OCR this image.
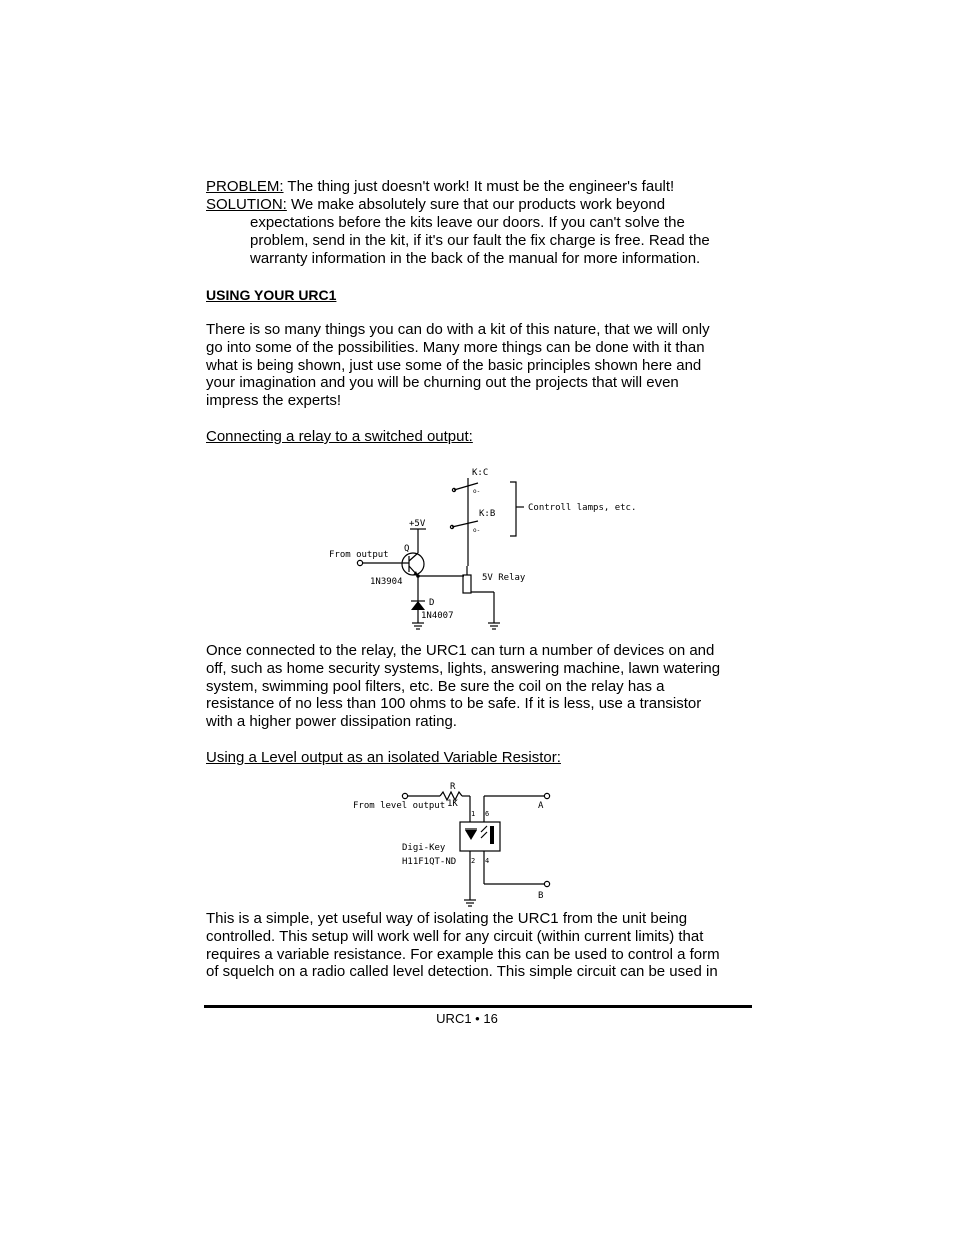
PROBLEM: The thing just doesn't work! It must be the engineer's fault!
SOLUTION: We make absolutely sure that our products work beyond
expectations before the kits leave our doors. If you can't solve the
problem, send in the kit, if it's our fault the fix charge is free. Read the
warranty information in the back of the manual for more information.
USING YOUR URC1
There is so many things you can do with a kit of this nature, that we will only
go into some of the possibilities. Many more things can be done with it than
what is being shown, just use some of the basic principles shown here and
your imagination and you will be churning out the projects that will even
impress the experts!
Connecting a relay to a switched output:
K:C
o-
K:B
o-
Controll lamps, etc.
+5V
Q
From output
1N3904	5V Relay
D
1N4007
Once connected to the relay, the URC1 can turn a number of devices on and
off, such as home security systems, lights, answering machine, lawn watering
system, swimming pool filters, etc. Be sure the coil on the relay has a
resistance of no less than 100 ohms to be safe. If it is less, use a transistor
with a higher power dissipation rating.
Using a Level output as an isolated Variable Resistor:
R
1K
From level output
1 6
2 4
A
B
Digi-Key
H11F1QT-ND
This is a simple, yet useful way of isolating the URC1 from the unit being
controlled. This setup will work well for any circuit (within current limits) that
requires a variable resistance. For example this can be used to control a form
of squelch on a radio called level detection. This simple circuit can be used in
URC1 • 16
